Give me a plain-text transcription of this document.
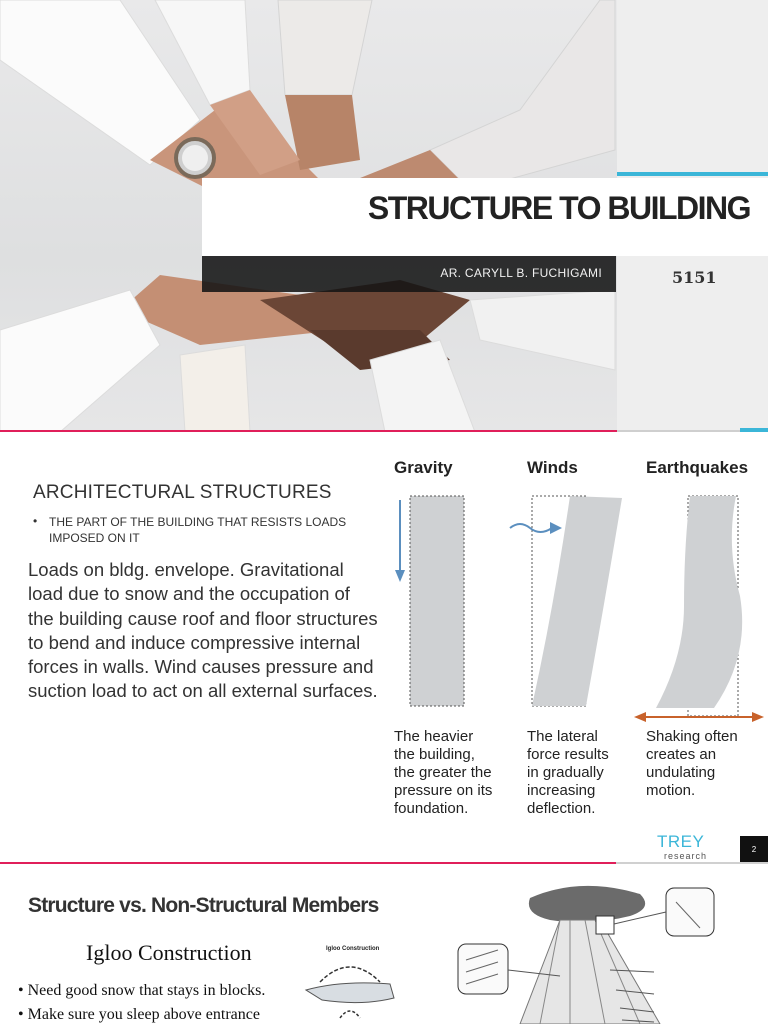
STRUCTURE TO BUILDING
AR. CARYLL B. FUCHIGAMI	5151
ARCHITECTURAL STRUCTURES
• THE PART OF THE BUILDING THAT RESISTS LOADS IMPOSED ON IT
Loads on bldg. envelope. Gravitational load due to snow and the occupation of the building cause roof and floor structures to bend and induce compressive internal forces in walls. Wind causes pressure and suction load to act on all external surfaces.
Gravity	Winds	Earthquakes
The heavier
the building,
the greater the
pressure on its
foundation.
The lateral
force results
in gradually
increasing
deflection.
Shaking often
creates an
undulating
motion.
TREY
research
2
Structure vs. Non-Structural Members
Igloo Construction
• Need good snow that stays in blocks.
• Make sure you sleep above entrance
Igloo Construction
